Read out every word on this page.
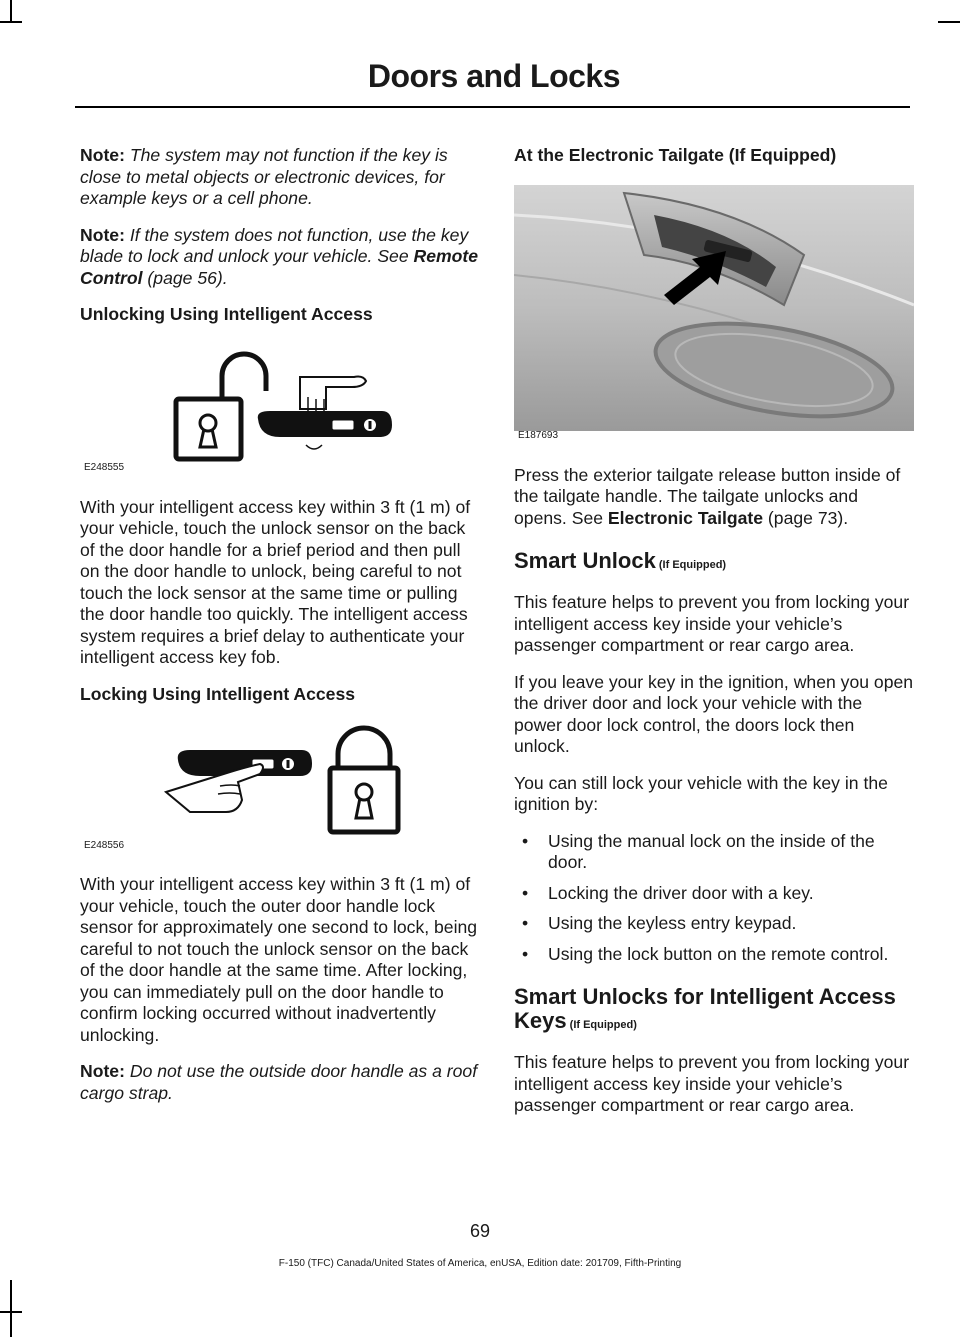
Doors and Locks

Note: The system may not function if the key is close to metal objects or electronic devices, for example keys or a cell phone.

Note: If the system does not function, use the key blade to lock and unlock your vehicle. See Remote Control (page 56).

Unlocking Using Intelligent Access
E248555

With your intelligent access key within 3 ft (1 m) of your vehicle, touch the unlock sensor on the back of the door handle for a brief period and then pull on the door handle to unlock, being careful to not touch the lock sensor at the same time or pulling the door handle too quickly. The intelligent access system requires a brief delay to authenticate your intelligent access key fob.

Locking Using Intelligent Access
E248556

With your intelligent access key within 3 ft (1 m) of your vehicle, touch the outer door handle lock sensor for approximately one second to lock, being careful to not touch the unlock sensor on the back of the door handle at the same time. After locking, you can immediately pull on the door handle to confirm locking occurred without inadvertently unlocking.

Note: Do not use the outside door handle as a roof cargo strap.

At the Electronic Tailgate (If Equipped)
E187693

Press the exterior tailgate release button inside of the tailgate handle. The tailgate unlocks and opens. See Electronic Tailgate (page 73).

Smart Unlock (If Equipped)

This feature helps to prevent you from locking your intelligent access key inside your vehicle’s passenger compartment or rear cargo area.

If you leave your key in the ignition, when you open the driver door and lock your vehicle with the power door lock control, the doors lock then unlock.

You can still lock your vehicle with the key in the ignition by:

• Using the manual lock on the inside of the door.
• Locking the driver door with a key.
• Using the keyless entry keypad.
• Using the lock button on the remote control.
Smart Unlocks for Intelligent Access Keys (If Equipped)

This feature helps to prevent you from locking your intelligent access key inside your vehicle’s passenger compartment or rear cargo area.

69
F-150 (TFC) Canada/United States of America, enUSA, Edition date: 201709, Fifth-Printing
